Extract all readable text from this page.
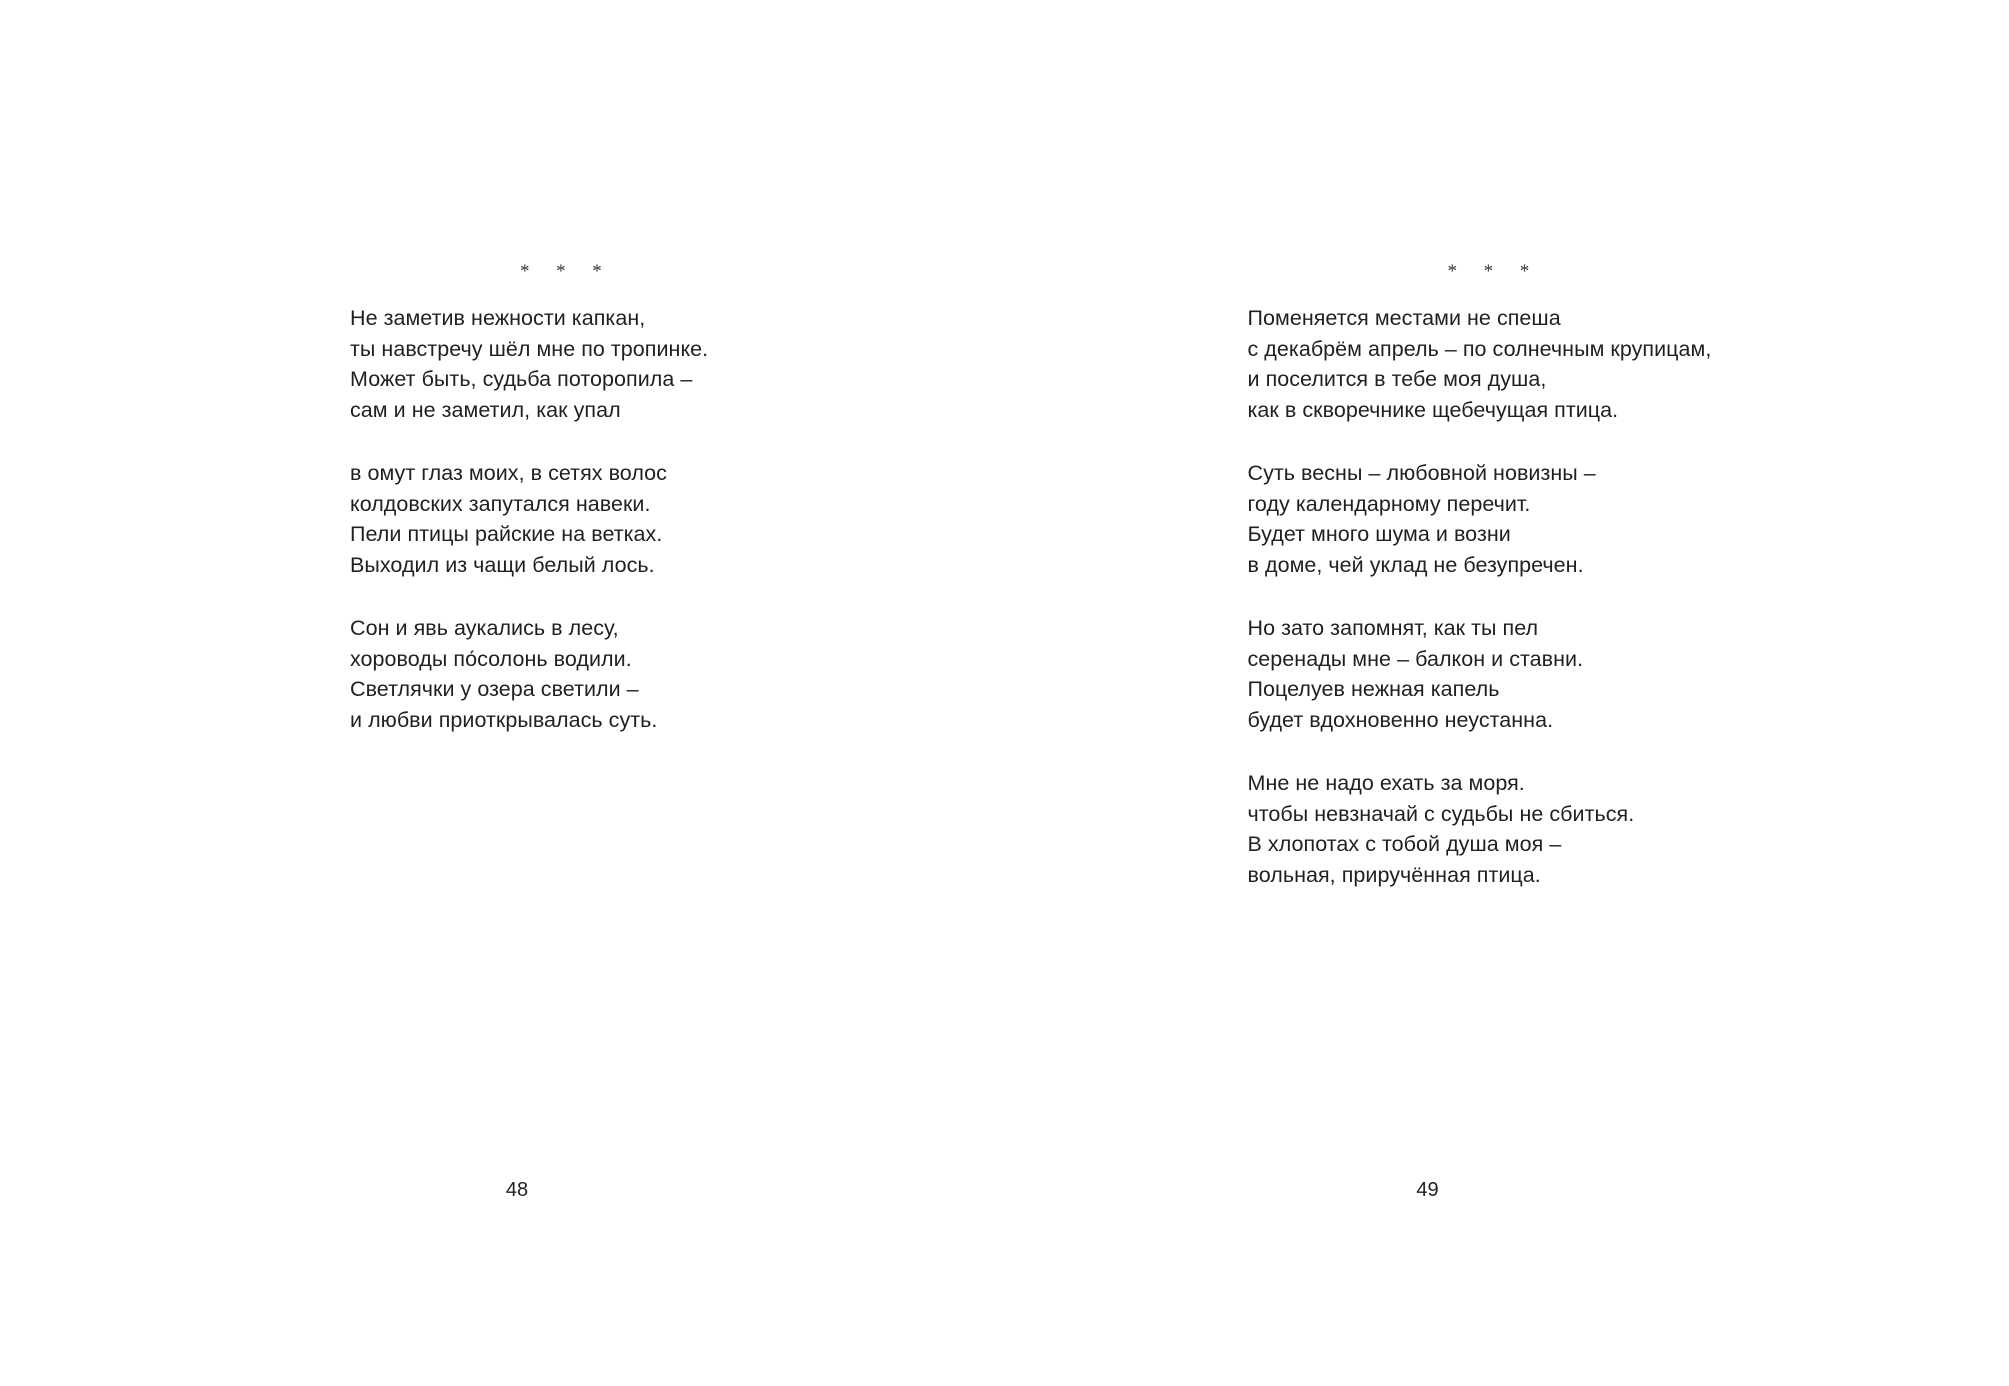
*  *  *
Не заметив нежности капкан,
ты навстречу шёл мне по тропинке.
Может быть, судьба поторопила –
сам и не заметил, как упал
в омут глаз моих, в сетях волос
колдовских запутался навеки.
Пели птицы райские на ветках.
Выходил из чащи белый лось.
Сон и явь аукались в лесу,
хороводы по́солонь водили.
Светлячки у озера светили –
и любви приоткрывалась суть.
48
*  *  *
Поменяется местами не спеша
с декабрём апрель – по солнечным крупицам,
и поселится в тебе моя душа,
как в скворечнике щебечущая птица.
Суть весны – любовной новизны –
году календарному перечит.
Будет много шума и возни
в доме, чей уклад не безупречен.
Но зато запомнят, как ты пел
серенады мне – балкон и ставни.
Поцелуев нежная капель
будет вдохновенно неустанна.
Мне не надо ехать за моря.
чтобы невзначай с судьбы не сбиться.
В хлопотах с тобой душа моя –
вольная, приручённая птица.
49
